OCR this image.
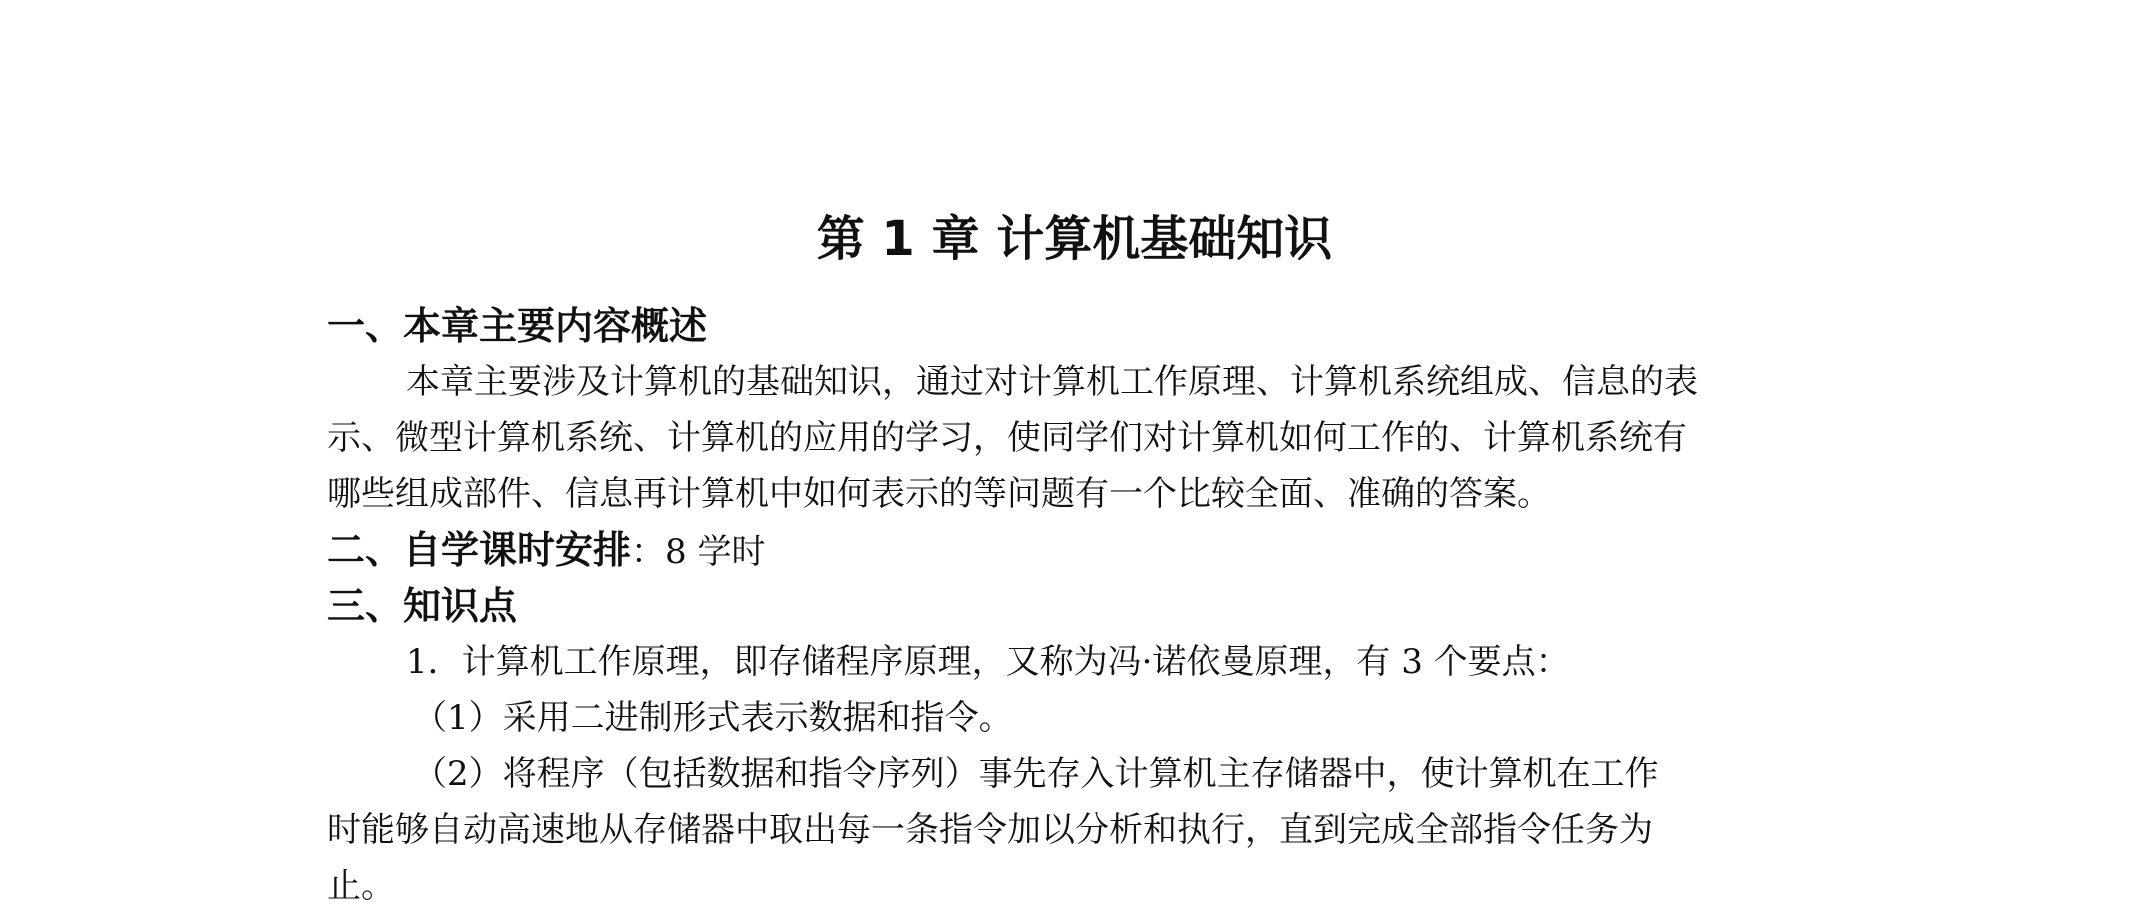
第 1 章 计算机基础知识
一、本章主要内容概述
本章主要涉及计算机的基础知识，通过对计算机工作原理、计算机系统组成、信息的表
示、微型计算机系统、计算机的应用的学习，使同学们对计算机如何工作的、计算机系统有
哪些组成部件、信息再计算机中如何表示的等问题有一个比较全面、准确的答案。
二、自学课时安排：8 学时
三、知识点
1．计算机工作原理，即存储程序原理，又称为冯·诺依曼原理，有 3 个要点：
（1）采用二进制形式表示数据和指令。
（2）将程序（包括数据和指令序列）事先存入计算机主存储器中，使计算机在工作
时能够自动高速地从存储器中取出每一条指令加以分析和执行，直到完成全部指令任务为
止。
